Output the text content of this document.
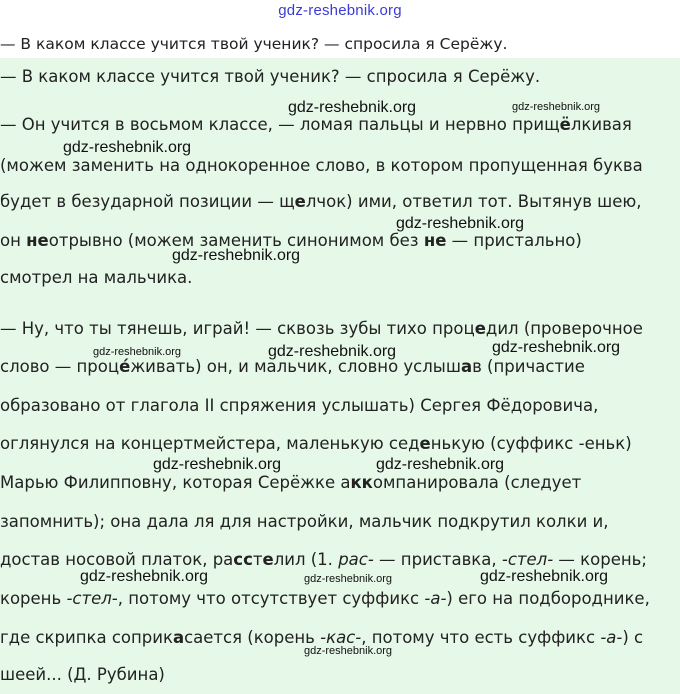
gdz-reshebnik.org
— В каком классе учится твой ученик? — спросила я Серёжу.
— В каком классе учится твой ученик? — спросила я Серёжу.
— Он учится в восьмом классе, — ломая пальцы и нервно прищёлкивая
(можем заменить на однокоренное слово, в котором пропущенная буква
будет в безударной позиции — щелчок) ими, ответил тот. Вытянув шею,
он неотрывно (можем заменить синонимом без не — пристально)
смотрел на мальчика.
— Ну, что ты тянешь, играй! — сквозь зубы тихо процедил (проверочное
слово — проце́живать) он, и мальчик, словно услышав (причастие
образовано от глагола II спряжения услышать) Сергея Фёдоровича,
оглянулся на концертмейстера, маленькую седенькую (суффикс -еньк)
Марью Филипповну, которая Серёжке аккомпанировала (следует
запомнить); она дала ля для настройки, мальчик подкрутил колки и,
достав носовой платок, расстелил (1. рас- — приставка, -стел- — корень;
корень -стел-, потому что отсутствует суффикс -а-) его на подбороднике,
где скрипка соприкасается (корень -кас-, потому что есть суффикс -а-) с
шеей... (Д. Рубина)
gdz-reshebnik.org	gdz-reshebnik.org
gdz-reshebnik.org
gdz-reshebnik.org
gdz-reshebnik.org
gdz-reshebnik.org	gdz-reshebnik.org	gdz-reshebnik.org
gdz-reshebnik.org	gdz-reshebnik.org
gdz-reshebnik.org	gdz-reshebnik.org	gdz-reshebnik.org
gdz-reshebnik.org
